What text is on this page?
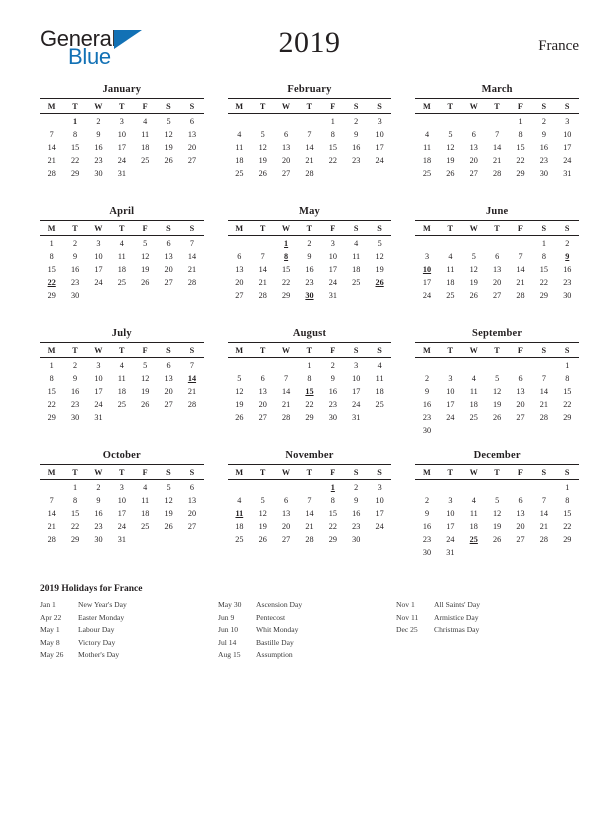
General
Blue	2019	France
January
M	T	W	T	F	S	S
	1	2	3	4	5	6
7	8	9	10	11	12	13
14	15	16	17	18	19	20
21	22	23	24	25	26	27
28	29	30	31			
February
M	T	W	T	F	S	S
				1	2	3
4	5	6	7	8	9	10
11	12	13	14	15	16	17
18	19	20	21	22	23	24
25	26	27	28			
March
M	T	W	T	F	S	S
				1	2	3
4	5	6	7	8	9	10
11	12	13	14	15	16	17
18	19	20	21	22	23	24
25	26	27	28	29	30	31
April
M	T	W	T	F	S	S
1	2	3	4	5	6	7
8	9	10	11	12	13	14
15	16	17	18	19	20	21
22	23	24	25	26	27	28
29	30					
May
M	T	W	T	F	S	S
		1	2	3	4	5
6	7	8	9	10	11	12
13	14	15	16	17	18	19
20	21	22	23	24	25	26
27	28	29	30	31		
June
M	T	W	T	F	S	S
					1	2
3	4	5	6	7	8	9
10	11	12	13	14	15	16
17	18	19	20	21	22	23
24	25	26	27	28	29	30
July
M	T	W	T	F	S	S
1	2	3	4	5	6	7
8	9	10	11	12	13	14
15	16	17	18	19	20	21
22	23	24	25	26	27	28
29	30	31				
August
M	T	W	T	F	S	S
			1	2	3	4
5	6	7	8	9	10	11
12	13	14	15	16	17	18
19	20	21	22	23	24	25
26	27	28	29	30	31	
September
M	T	W	T	F	S	S
						1
2	3	4	5	6	7	8
9	10	11	12	13	14	15
16	17	18	19	20	21	22
23	24	25	26	27	28	29
30						
October
M	T	W	T	F	S	S
	1	2	3	4	5	6
7	8	9	10	11	12	13
14	15	16	17	18	19	20
21	22	23	24	25	26	27
28	29	30	31			
November
M	T	W	T	F	S	S
				1	2	3
4	5	6	7	8	9	10
11	12	13	14	15	16	17
18	19	20	21	22	23	24
25	26	27	28	29	30	
December
M	T	W	T	F	S	S
						1
2	3	4	5	6	7	8
9	10	11	12	13	14	15
16	17	18	19	20	21	22
23	24	25	26	27	28	29
30	31					
2019 Holidays for France
Jan 1	New Year's Day
Apr 22	Easter Monday
May 1	Labour Day
May 8	Victory Day
May 26	Mother's Day
May 30	Ascension Day
Jun 9	Pentecost
Jun 10	Whit Monday
Jul 14	Bastille Day
Aug 15	Assumption
Nov 1	All Saints' Day
Nov 11	Armistice Day
Dec 25	Christmas Day
